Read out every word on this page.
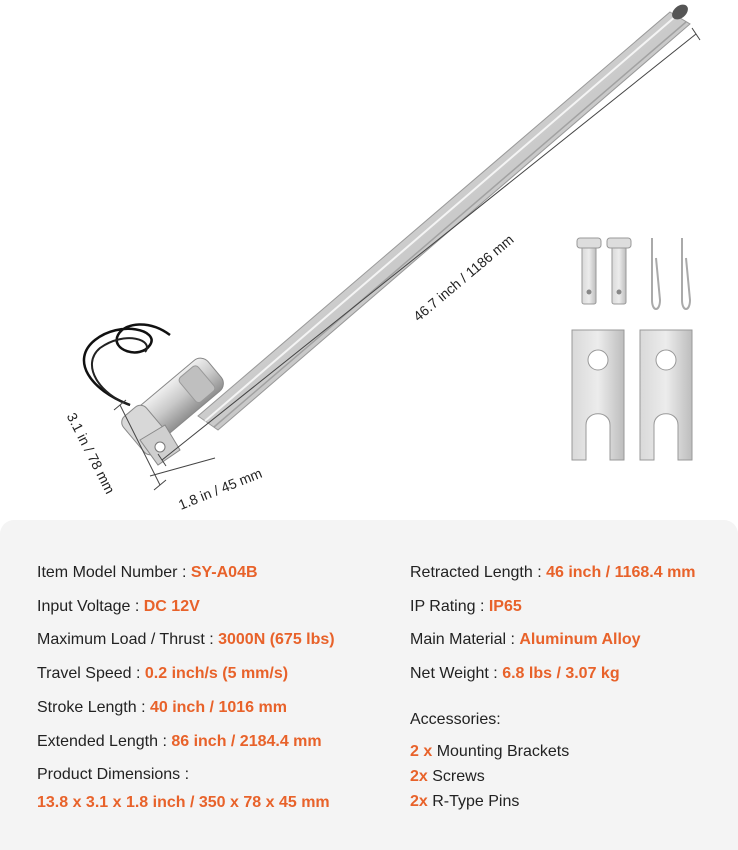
46.7 inch / 1186 mm
3.1 in / 78 mm	1.8 in / 45 mm
Item Model Number : SY-A04B
Input Voltage : DC 12V
Maximum Load / Thrust : 3000N (675 lbs)
Travel Speed : 0.2 inch/s (5 mm/s)
Stroke Length : 40 inch / 1016 mm
Extended Length : 86 inch / 2184.4 mm
Product Dimensions :
13.8 x 3.1 x 1.8 inch / 350 x 78 x 45 mm
Retracted Length : 46 inch / 1168.4 mm
IP Rating : IP65
Main Material : Aluminum Alloy
Net Weight : 6.8 lbs / 3.07 kg
Accessories:
2 x Mounting Brackets
2x Screws
2x R-Type Pins
